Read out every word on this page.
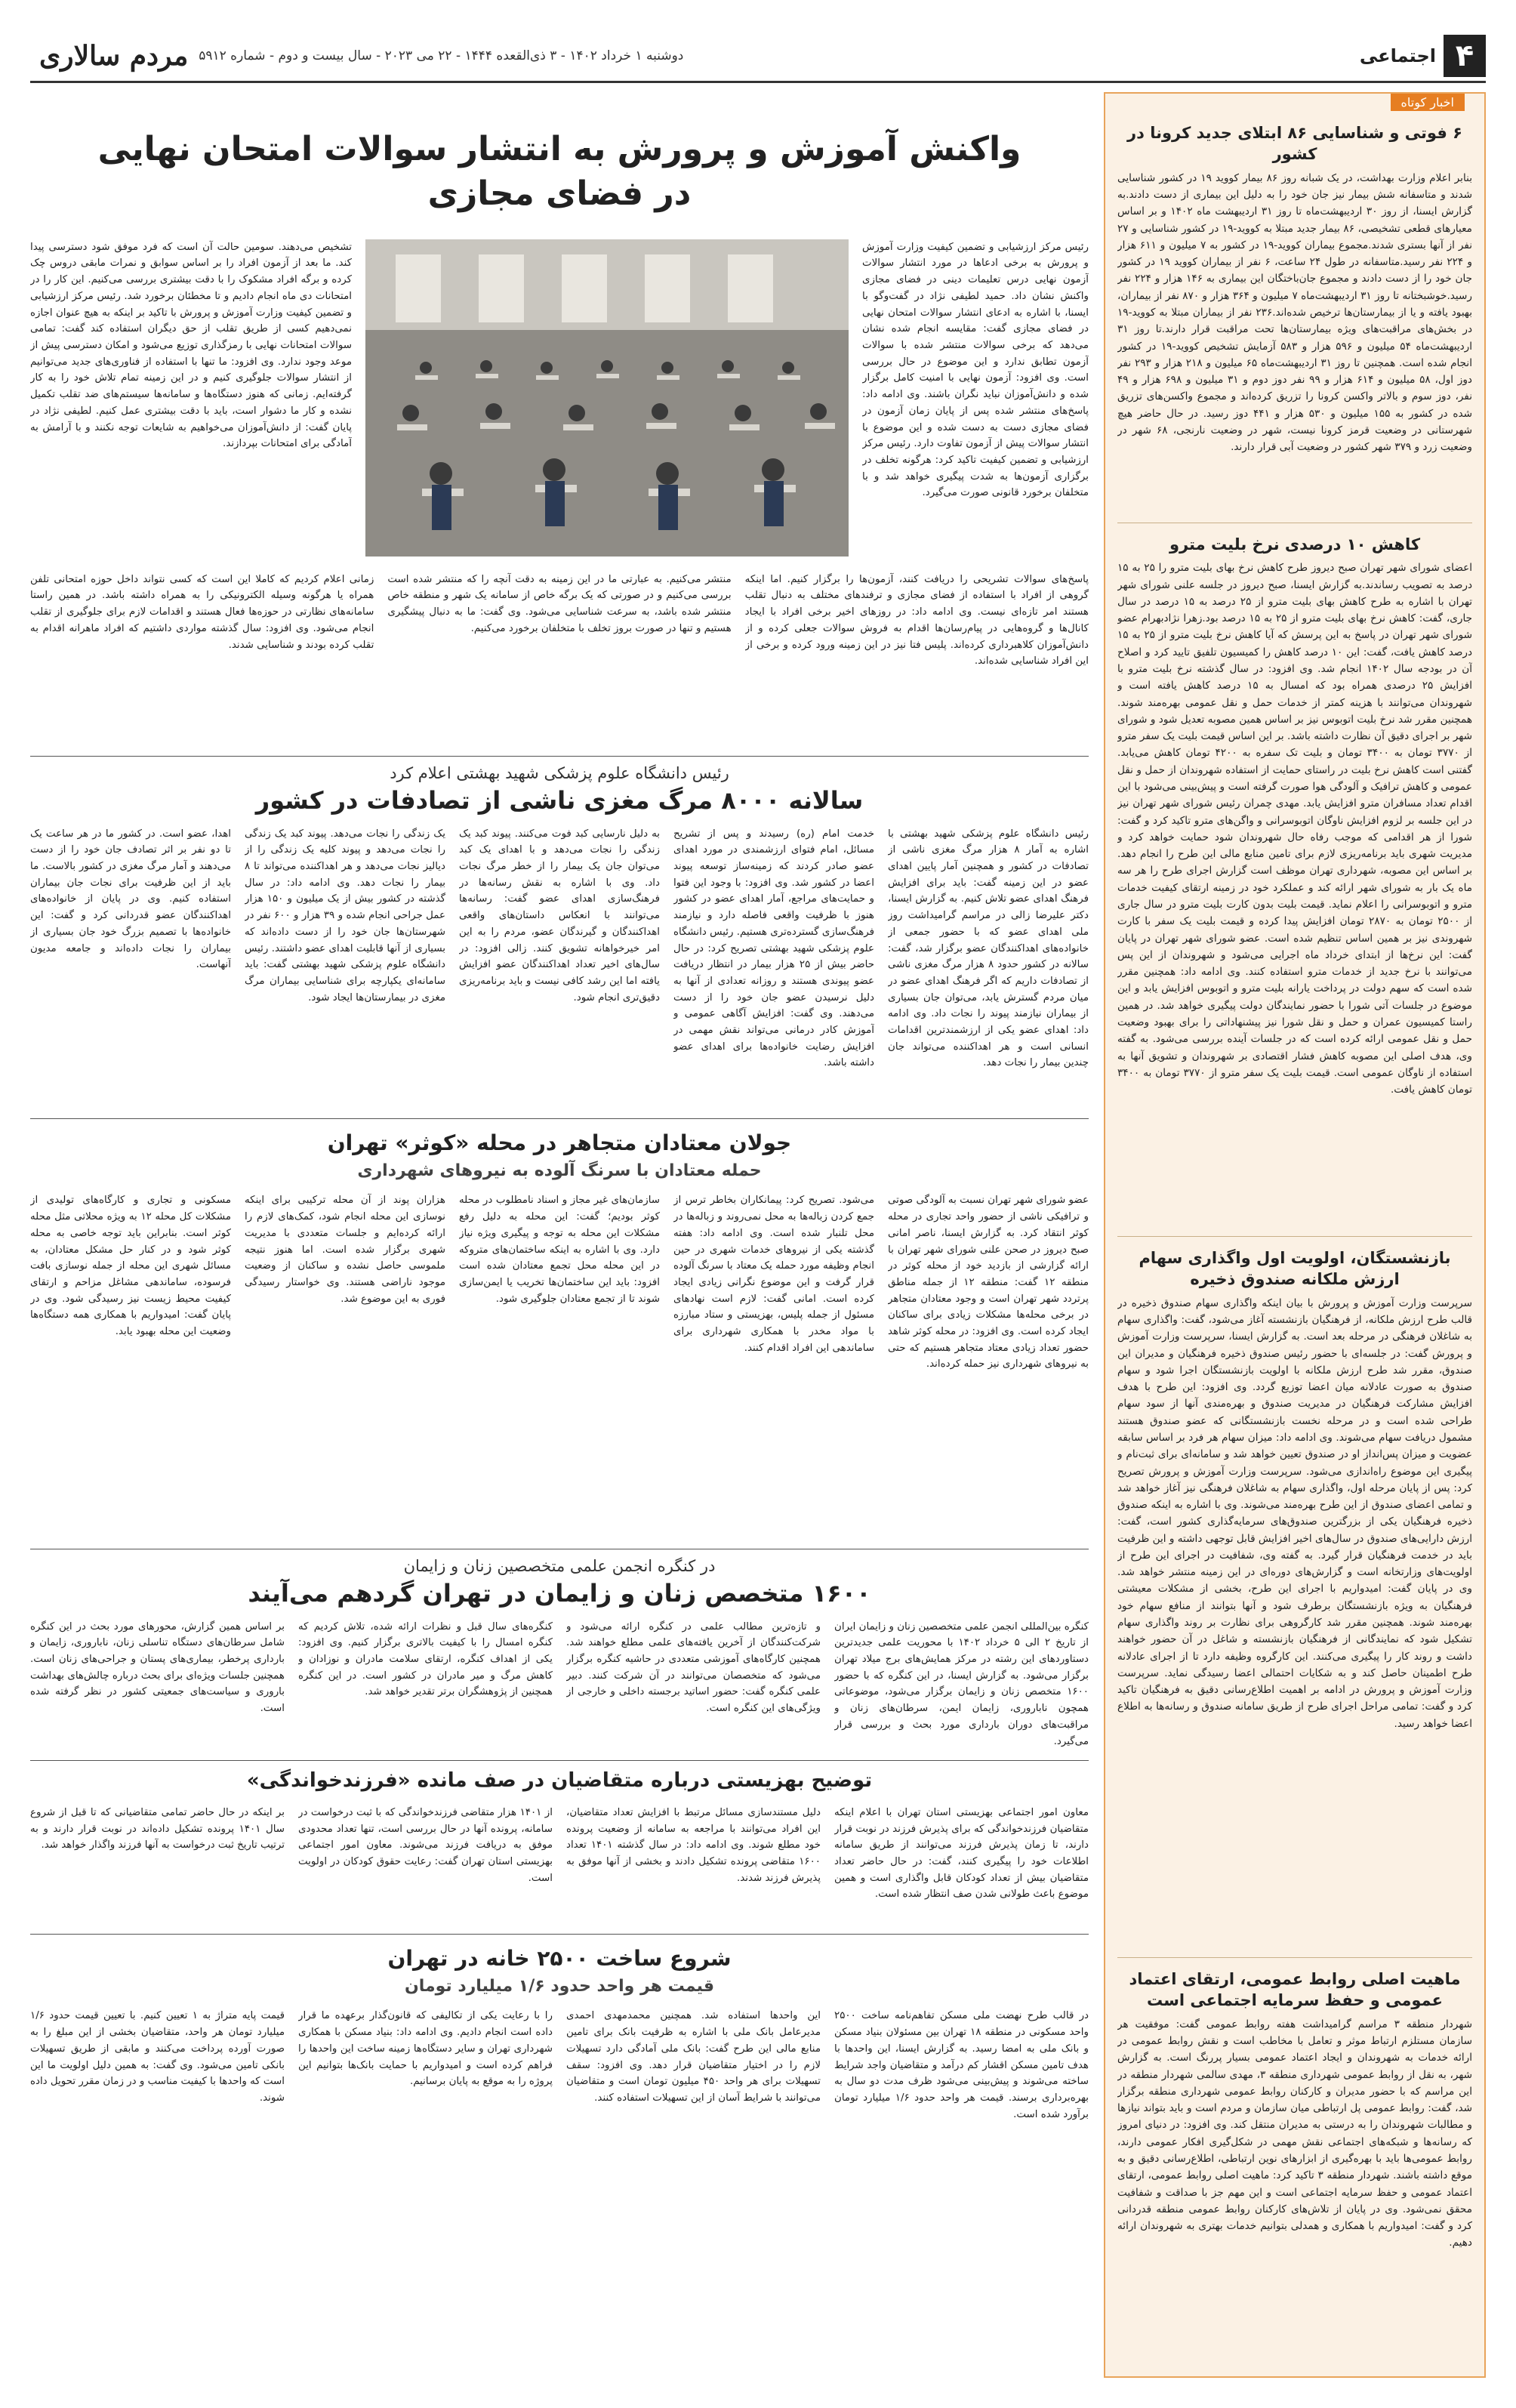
۴
اجتماعی
دوشنبه ۱ خرداد ۱۴۰۲ - ۳ ذی‌القعده ۱۴۴۴ - ۲۲ می ۲۰۲۳ - سال بیست و دوم - شماره ۵۹۱۲
مردم سالاری
اخبار کوتاه
۶ فوتی و شناسایی ۸۶ ابتلای جدید کرونا در کشور

بنابر اعلام وزارت بهداشت، در یک شبانه روز ۸۶ بیمار کووید ۱۹ در کشور شناسایی شدند و متاسفانه شش بیمار نیز جان خود را به دلیل این بیماری از دست دادند.به گزارش ایسنا، از روز ۳۰ اردیبهشت‌ماه تا روز ۳۱ اردیبهشت ماه ۱۴۰۲ و بر اساس معیارهای قطعی تشخیصی، ۸۶ بیمار جدید مبتلا به کووید-۱۹ در کشور شناسایی و ۲۷ نفر از آنها بستری شدند.مجموع بیماران کووید-۱۹ در کشور به ۷ میلیون و ۶۱۱ هزار و ۲۲۴ نفر رسید.متاسفانه در طول ۲۴ ساعت، ۶ نفر از بیماران کووید ۱۹ در کشور جان خود را از دست دادند و مجموع جان‌باختگان این بیماری به ۱۴۶ هزار و ۲۲۴ نفر رسید.خوشبختانه تا روز ۳۱ اردیبهشت‌ماه ۷ میلیون و ۳۶۴ هزار و ۸۷۰ نفر از بیماران، بهبود یافته و یا از بیمارستان‌ها ترخیص شده‌اند.۲۳۶ نفر از بیماران مبتلا به کووید-۱۹ در بخش‌های مراقبت‌های ویژه بیمارستان‌ها تحت مراقبت قرار دارند.تا روز ۳۱ اردیبهشت‌ماه ۵۴ میلیون و ۵۹۶ هزار و ۵۸۳ آزمایش تشخیص کووید-۱۹ در کشور انجام شده است. همچنین تا روز ۳۱ اردیبهشت‌ماه ۶۵ میلیون و ۲۱۸ هزار و ۲۹۳ نفر دوز اول، ۵۸ میلیون و ۶۱۴ هزار و ۹۹ نفر دوز دوم و ۳۱ میلیون و ۶۹۸ هزار و ۴۹ نفر، دوز سوم و بالاتر واکسن کرونا را تزریق کرده‌اند و مجموع واکسن‌های تزریق شده در کشور به ۱۵۵ میلیون و ۵۳۰ هزار و ۴۴۱ دوز رسید. در حال حاضر هیچ شهرستانی در وضعیت قرمز کرونا نیست، شهر در وضعیت نارنجی، ۶۸ شهر در وضعیت زرد و ۳۷۹ شهر کشور در وضعیت آبی قرار دارند.

کاهش ۱۰ درصدی نرخ بلیت مترو

اعضای شورای شهر تهران صبح دیروز طرح کاهش نرخ بهای بلیت مترو را ۲۵ به ۱۵ درصد به تصویب رساندند.به گزارش ایسنا، صبح دیروز در جلسه علنی شورای شهر تهران با اشاره به طرح کاهش بهای بلیت مترو از ۲۵ درصد به ۱۵ درصد در سال جاری، گفت: کاهش نرخ بهای بلیت مترو از ۲۵ به ۱۵ درصد بود.زهرا نژادبهرام عضو شورای شهر تهران در پاسخ به این پرسش که آیا کاهش نرخ بلیت مترو از ۲۵ به ۱۵ درصد کاهش یافت، گفت: این ۱۰ درصد کاهش را کمیسیون تلفیق تایید کرد و اصلاح آن در بودجه سال ۱۴۰۲ انجام شد. وی افزود: در سال گذشته نرخ بلیت مترو با افزایش ۲۵ درصدی همراه بود که امسال به ۱۵ درصد کاهش یافته است و شهروندان می‌توانند با هزینه کمتر از خدمات حمل و نقل عمومی بهره‌مند شوند. همچنین مقرر شد نرخ بلیت اتوبوس نیز بر اساس همین مصوبه تعدیل شود و شورای شهر بر اجرای دقیق آن نظارت داشته باشد. بر این اساس قیمت بلیت یک سفر مترو از ۳۷۷۰ تومان به ۳۴۰۰ تومان و بلیت تک سفره به ۴۲۰۰ تومان کاهش می‌یابد. گفتنی است کاهش نرخ بلیت در راستای حمایت از استفاده شهروندان از حمل و نقل عمومی و کاهش ترافیک و آلودگی هوا صورت گرفته است و پیش‌بینی می‌شود با این اقدام تعداد مسافران مترو افزایش یابد. مهدی چمران رئیس شورای شهر تهران نیز در این جلسه بر لزوم افزایش ناوگان اتوبوسرانی و واگن‌های مترو تاکید کرد و گفت: شورا از هر اقدامی که موجب رفاه حال شهروندان شود حمایت خواهد کرد و مدیریت شهری باید برنامه‌ریزی لازم برای تامین منابع مالی این طرح را انجام دهد. بر اساس این مصوبه، شهرداری تهران موظف است گزارش اجرای طرح را هر سه ماه یک بار به شورای شهر ارائه کند و عملکرد خود در زمینه ارتقای کیفیت خدمات مترو و اتوبوسرانی را اعلام نماید. قیمت بلیت بدون کارت بلیت مترو در سال جاری از ۲۵۰۰ تومان به ۲۸۷۰ تومان افزایش پیدا کرده و قیمت بلیت یک سفر با کارت شهروندی نیز بر همین اساس تنظیم شده است. عضو شورای شهر تهران در پایان گفت: این نرخ‌ها از ابتدای خرداد ماه اجرایی می‌شود و شهروندان از این پس می‌توانند با نرخ جدید از خدمات مترو استفاده کنند. وی ادامه داد: همچنین مقرر شده است که سهم دولت در پرداخت یارانه بلیت مترو و اتوبوس افزایش یابد و این موضوع در جلسات آتی شورا با حضور نمایندگان دولت پیگیری خواهد شد. در همین راستا کمیسیون عمران و حمل و نقل شورا نیز پیشنهاداتی را برای بهبود وضعیت حمل و نقل عمومی ارائه کرده است که در جلسات آینده بررسی می‌شود. به گفته وی، هدف اصلی این مصوبه کاهش فشار اقتصادی بر شهروندان و تشویق آنها به استفاده از ناوگان عمومی است. قیمت بلیت یک سفر مترو از ۳۷۷۰ تومان به ۳۴۰۰ تومان کاهش یافت.

بازنشستگان، اولویت اول واگذاری سهام ارزش ملکانه صندوق ذخیره

سرپرست وزارت آموزش و پرورش با بیان اینکه واگذاری سهام صندوق ذخیره در قالب طرح ارزش ملکانه، از فرهنگیان بازنشسته آغاز می‌شود، گفت: واگذاری سهام به شاغلان فرهنگی در مرحله بعد است. به گزارش ایسنا، سرپرست وزارت آموزش و پرورش گفت: در جلسه‌ای با حضور رئیس صندوق ذخیره فرهنگیان و مدیران این صندوق، مقرر شد طرح ارزش ملکانه با اولویت بازنشستگان اجرا شود و سهام صندوق به صورت عادلانه میان اعضا توزیع گردد. وی افزود: این طرح با هدف افزایش مشارکت فرهنگیان در مدیریت صندوق و بهره‌مندی آنها از سود سهام طراحی شده است و در مرحله نخست بازنشستگانی که عضو صندوق هستند مشمول دریافت سهام می‌شوند. وی ادامه داد: میزان سهام هر فرد بر اساس سابقه عضویت و میزان پس‌انداز او در صندوق تعیین خواهد شد و سامانه‌ای برای ثبت‌نام و پیگیری این موضوع راه‌اندازی می‌شود. سرپرست وزارت آموزش و پرورش تصریح کرد: پس از پایان مرحله اول، واگذاری سهام به شاغلان فرهنگی نیز آغاز خواهد شد و تمامی اعضای صندوق از این طرح بهره‌مند می‌شوند. وی با اشاره به اینکه صندوق ذخیره فرهنگیان یکی از بزرگترین صندوق‌های سرمایه‌گذاری کشور است، گفت: ارزش دارایی‌های صندوق در سال‌های اخیر افزایش قابل توجهی داشته و این ظرفیت باید در خدمت فرهنگیان قرار گیرد. به گفته وی، شفافیت در اجرای این طرح از اولویت‌های وزارتخانه است و گزارش‌های دوره‌ای در این زمینه منتشر خواهد شد. وی در پایان گفت: امیدواریم با اجرای این طرح، بخشی از مشکلات معیشتی فرهنگیان به ویژه بازنشستگان برطرف شود و آنها بتوانند از منافع سهام خود بهره‌مند شوند. همچنین مقرر شد کارگروهی برای نظارت بر روند واگذاری سهام تشکیل شود که نمایندگانی از فرهنگیان بازنشسته و شاغل در آن حضور خواهند داشت و روند کار را پیگیری می‌کنند. این کارگروه وظیفه دارد تا از اجرای عادلانه طرح اطمینان حاصل کند و به شکایات احتمالی اعضا رسیدگی نماید. سرپرست وزارت آموزش و پرورش در ادامه بر اهمیت اطلاع‌رسانی دقیق به فرهنگیان تاکید کرد و گفت: تمامی مراحل اجرای طرح از طریق سامانه صندوق و رسانه‌ها به اطلاع اعضا خواهد رسید.

ماهیت اصلی روابط عمومی، ارتقای اعتماد عمومی و حفظ سرمایه اجتماعی است

شهردار منطقه ۳ مراسم گرامیداشت هفته روابط عمومی گفت: موفقیت هر سازمان مستلزم ارتباط موثر و تعامل با مخاطب است و نقش روابط عمومی در ارائه خدمات به شهروندان و ایجاد اعتماد عمومی بسیار پررنگ است. به گزارش شهر، به نقل از روابط عمومی شهرداری منطقه ۳، مهدی سالمی شهردار منطقه در این مراسم که با حضور مدیران و کارکنان روابط عمومی شهرداری منطقه برگزار شد، گفت: روابط عمومی پل ارتباطی میان سازمان و مردم است و باید بتواند نیازها و مطالبات شهروندان را به درستی به مدیران منتقل کند. وی افزود: در دنیای امروز که رسانه‌ها و شبکه‌های اجتماعی نقش مهمی در شکل‌گیری افکار عمومی دارند، روابط عمومی‌ها باید با بهره‌گیری از ابزارهای نوین ارتباطی، اطلاع‌رسانی دقیق و به موقع داشته باشند. شهردار منطقه ۳ تاکید کرد: ماهیت اصلی روابط عمومی، ارتقای اعتماد عمومی و حفظ سرمایه اجتماعی است و این مهم جز با صداقت و شفافیت محقق نمی‌شود. وی در پایان از تلاش‌های کارکنان روابط عمومی منطقه قدردانی کرد و گفت: امیدواریم با همکاری و همدلی بتوانیم خدمات بهتری به شهروندان ارائه دهیم.

واکنش آموزش و پرورش به انتشار سوالات امتحان نهایی در فضای مجازی
رئیس مرکز ارزشیابی و تضمین کیفیت وزارت آموزش و پرورش به برخی ادعاها در مورد انتشار سوالات آزمون نهایی درس تعلیمات دینی در فضای مجازی واکنش نشان داد. حمید لطیفی نژاد در گفت‌وگو با ایسنا، با اشاره به ادعای انتشار سوالات امتحان نهایی در فضای مجازی گفت: مقایسه انجام شده نشان می‌دهد که برخی سوالات منتشر شده با سوالات آزمون تطابق ندارد و این موضوع در حال بررسی است. وی افزود: آزمون نهایی با امنیت کامل برگزار شده و دانش‌آموزان نباید نگران باشند. وی ادامه داد: پاسخ‌های منتشر شده پس از پایان زمان آزمون در فضای مجازی دست به دست شده و این موضوع با انتشار سوالات پیش از آزمون تفاوت دارد. رئیس مرکز ارزشیابی و تضمین کیفیت تاکید کرد: هرگونه تخلف در برگزاری آزمون‌ها به شدت پیگیری خواهد شد و با متخلفان برخورد قانونی صورت می‌گیرد.
تشخیص می‌دهند. سومین حالت آن است که فرد موفق شود دسترسی پیدا کند. ما بعد از آزمون افراد را بر اساس سوابق و نمرات مابقی دروس چک کرده و برگه افراد مشکوک را با دقت بیشتری بررسی می‌کنیم. این کار را در امتحانات دی ماه انجام دادیم و تا مخطئان برخورد شد. رئیس مرکز ارزشیابی و تضمین کیفیت وزارت آموزش و پرورش با تاکید بر اینکه به هیچ عنوان اجازه نمی‌دهیم کسی از طریق تقلب از حق دیگران استفاده کند گفت: تمامی سوالات امتحانات نهایی با رمزگذاری توزیع می‌شود و امکان دسترسی پیش از موعد وجود ندارد. وی افزود: ما تنها با استفاده از فناوری‌های جدید می‌توانیم از انتشار سوالات جلوگیری کنیم و در این زمینه تمام تلاش خود را به کار گرفته‌ایم. زمانی که هنوز دستگاه‌ها و سامانه‌ها سیستم‌های ضد تقلب تکمیل نشده و کار ما دشوار است، باید با دقت بیشتری عمل کنیم. لطیفی نژاد در پایان گفت: از دانش‌آموزان می‌خواهیم به شایعات توجه نکنند و با آرامش به آمادگی برای امتحانات بپردازند.
پاسخ‌های سوالات تشریحی را دریافت کنند، آزمون‌ها را برگزار کنیم. اما اینکه گروهی از افراد با استفاده از فضای مجازی و ترفندهای مختلف به دنبال تقلب هستند امر تازه‌ای نیست. وی ادامه داد: در روزهای اخیر برخی افراد با ایجاد کانال‌ها و گروه‌هایی در پیام‌رسان‌ها اقدام به فروش سوالات جعلی کرده و از دانش‌آموزان کلاهبرداری کرده‌اند. پلیس فتا نیز در این زمینه ورود کرده و برخی از این افراد شناسایی شده‌اند.
منتشر می‌کنیم. به عبارتی ما در این زمینه به دقت آنچه را که منتشر شده است بررسی می‌کنیم و در صورتی که یک برگه خاص از سامانه یک شهر و منطقه خاص منتشر شده باشد، به سرعت شناسایی می‌شود. وی گفت: ما به دنبال پیشگیری هستیم و تنها در صورت بروز تخلف با متخلفان برخورد می‌کنیم.
زمانی اعلام کردیم که کاملا این است که کسی نتواند داخل حوزه امتحانی تلفن همراه یا هرگونه وسیله الکترونیکی را به همراه داشته باشد. در همین راستا سامانه‌های نظارتی در حوزه‌ها فعال هستند و اقدامات لازم برای جلوگیری از تقلب انجام می‌شود. وی افزود: سال گذشته مواردی داشتیم که افراد ماهرانه اقدام به تقلب کرده بودند و شناسایی شدند.
رئیس دانشگاه علوم پزشکی شهید بهشتی اعلام کرد
سالانه ۸۰۰۰ مرگ مغزی ناشی از تصادفات در کشور
رئیس دانشگاه علوم پزشکی شهید بهشتی با اشاره به آمار ۸ هزار مرگ مغزی ناشی از تصادفات در کشور و همچنین آمار پایین اهدای عضو در این زمینه گفت: باید برای افزایش فرهنگ اهدای عضو تلاش کنیم. به گزارش ایسنا، دکتر علیرضا زالی در مراسم گرامیداشت روز ملی اهدای عضو که با حضور جمعی از خانواده‌های اهداکنندگان عضو برگزار شد، گفت: سالانه در کشور حدود ۸ هزار مرگ مغزی ناشی از تصادفات داریم که اگر فرهنگ اهدای عضو در میان مردم گسترش یابد، می‌توان جان بسیاری از بیماران نیازمند پیوند را نجات داد. وی ادامه داد: اهدای عضو یکی از ارزشمندترین اقدامات انسانی است و هر اهداکننده می‌تواند جان چندین بیمار را نجات دهد.
خدمت امام (ره) رسیدند و پس از تشریح مسائل، امام فتوای ارزشمندی در مورد اهدای عضو صادر کردند که زمینه‌ساز توسعه پیوند اعضا در کشور شد. وی افزود: با وجود این فتوا و حمایت‌های مراجع، آمار اهدای عضو در کشور هنوز با ظرفیت واقعی فاصله دارد و نیازمند فرهنگ‌سازی گسترده‌تری هستیم. رئیس دانشگاه علوم پزشکی شهید بهشتی تصریح کرد: در حال حاضر بیش از ۲۵ هزار بیمار در انتظار دریافت عضو پیوندی هستند و روزانه تعدادی از آنها به دلیل نرسیدن عضو جان خود را از دست می‌دهند. وی گفت: افزایش آگاهی عمومی و آموزش کادر درمانی می‌تواند نقش مهمی در افزایش رضایت خانواده‌ها برای اهدای عضو داشته باشد.
به دلیل نارسایی کبد فوت می‌کنند. پیوند کبد یک زندگی را نجات می‌دهد و با اهدای یک کبد می‌توان جان یک بیمار را از خطر مرگ نجات داد. وی با اشاره به نقش رسانه‌ها در فرهنگ‌سازی اهدای عضو گفت: رسانه‌ها می‌توانند با انعکاس داستان‌های واقعی اهداکنندگان و گیرندگان عضو، مردم را به این امر خیرخواهانه تشویق کنند. زالی افزود: در سال‌های اخیر تعداد اهداکنندگان عضو افزایش یافته اما این رشد کافی نیست و باید برنامه‌ریزی دقیق‌تری انجام شود.
یک زندگی را نجات می‌دهد. پیوند کبد یک زندگی را نجات می‌دهد و پیوند کلیه یک زندگی را از دیالیز نجات می‌دهد و هر اهداکننده می‌تواند تا ۸ بیمار را نجات دهد. وی ادامه داد: در سال گذشته در کشور بیش از یک میلیون و ۱۵۰ هزار عمل جراحی انجام شده و ۳۹ هزار و ۶۰۰ نفر در شهرستان‌ها جان خود را از دست داده‌اند که بسیاری از آنها قابلیت اهدای عضو داشتند. رئیس دانشگاه علوم پزشکی شهید بهشتی گفت: باید سامانه‌ای یکپارچه برای شناسایی بیماران مرگ مغزی در بیمارستان‌ها ایجاد شود.
اهدا، عضو است. در کشور ما در هر ساعت یک تا دو نفر بر اثر تصادف جان خود را از دست می‌دهند و آمار مرگ مغزی در کشور بالاست. ما باید از این ظرفیت برای نجات جان بیماران استفاده کنیم. وی در پایان از خانواده‌های اهداکنندگان عضو قدردانی کرد و گفت: این خانواده‌ها با تصمیم بزرگ خود جان بسیاری از بیماران را نجات داده‌اند و جامعه مدیون آنهاست.
جولان معتادان متجاهر در محله «کوثر» تهران
حمله معتادان با سرنگ آلوده به نیروهای شهرداری
عضو شورای شهر تهران نسبت به آلودگی صوتی و ترافیکی ناشی از حضور واحد تجاری در محله کوثر انتقاد کرد. به گزارش ایسنا، ناصر امانی صبح دیروز در صحن علنی شورای شهر تهران با ارائه گزارشی از بازدید خود از محله کوثر در منطقه ۱۲ گفت: منطقه ۱۲ از جمله مناطق پرتردد شهر تهران است و وجود معتادان متجاهر در برخی محله‌ها مشکلات زیادی برای ساکنان ایجاد کرده است. وی افزود: در محله کوثر شاهد حضور تعداد زیادی معتاد متجاهر هستیم که حتی به نیروهای شهرداری نیز حمله کرده‌اند.
می‌شود. تصریح کرد: پیمانکاران بخاطر ترس از جمع کردن زباله‌ها به محل نمی‌روند و زباله‌ها در محل تلنبار شده است. وی ادامه داد: هفته گذشته یکی از نیروهای خدمات شهری در حین انجام وظیفه مورد حمله یک معتاد با سرنگ آلوده قرار گرفت و این موضوع نگرانی زیادی ایجاد کرده است. امانی گفت: لازم است نهادهای مسئول از جمله پلیس، بهزیستی و ستاد مبارزه با مواد مخدر با همکاری شهرداری برای ساماندهی این افراد اقدام کنند.
سازمان‌های غیر مجاز و اسناد نامطلوب در محله کوثر بودیم؛ گفت: این محله به دلیل رفع مشکلات این محله به توجه و پیگیری ویژه نیاز دارد. وی با اشاره به اینکه ساختمان‌های متروکه در این محله محل تجمع معتادان شده است افزود: باید این ساختمان‌ها تخریب یا ایمن‌سازی شوند تا از تجمع معتادان جلوگیری شود.
هزاران پوند از آن محله ترکیبی برای اینکه نوسازی این محله انجام شود، کمک‌های لازم را ارائه کرده‌ایم و جلسات متعددی با مدیریت شهری برگزار شده است. اما هنوز نتیجه ملموسی حاصل نشده و ساکنان از وضعیت موجود ناراضی هستند. وی خواستار رسیدگی فوری به این موضوع شد.
مسکونی و تجاری و کارگاه‌های تولیدی از مشکلات کل محله ۱۲ به ویژه محلاتی مثل محله کوثر است. بنابراین باید توجه خاصی به محله کوثر شود و در کنار حل مشکل معتادان، به مسائل شهری این محله از جمله نوسازی بافت فرسوده، ساماندهی مشاغل مزاحم و ارتقای کیفیت محیط زیست نیز رسیدگی شود. وی در پایان گفت: امیدواریم با همکاری همه دستگاه‌ها وضعیت این محله بهبود یابد.
در کنگره انجمن علمی متخصصین زنان و زایمان
۱۶۰۰ متخصص زنان و زایمان در تهران گردهم می‌آیند
کنگره بین‌المللی انجمن علمی متخصصین زنان و زایمان ایران از تاریخ ۲ الی ۵ خرداد ۱۴۰۲ با محوریت علمی جدیدترین دستاوردهای این رشته در مرکز همایش‌های برج میلاد تهران برگزار می‌شود. به گزارش ایسنا، در این کنگره که با حضور ۱۶۰۰ متخصص زنان و زایمان برگزار می‌شود، موضوعاتی همچون ناباروری، زایمان ایمن، سرطان‌های زنان و مراقبت‌های دوران بارداری مورد بحث و بررسی قرار می‌گیرد.
و تازه‌ترین مطالب علمی در کنگره ارائه می‌شود و شرکت‌کنندگان از آخرین یافته‌های علمی مطلع خواهند شد. همچنین کارگاه‌های آموزشی متعددی در حاشیه کنگره برگزار می‌شود که متخصصان می‌توانند در آن شرکت کنند. دبیر علمی کنگره گفت: حضور اساتید برجسته داخلی و خارجی از ویژگی‌های این کنگره است.
کنگره‌های سال قبل و نظرات ارائه شده، تلاش کردیم که کنگره امسال را با کیفیت بالاتری برگزار کنیم. وی افزود: یکی از اهداف کنگره، ارتقای سلامت مادران و نوزادان و کاهش مرگ و میر مادران در کشور است. در این کنگره همچنین از پژوهشگران برتر تقدیر خواهد شد.
بر اساس همین گزارش، محورهای مورد بحث در این کنگره شامل سرطان‌های دستگاه تناسلی زنان، ناباروری، زایمان و بارداری پرخطر، بیماری‌های پستان و جراحی‌های زنان است. همچنین جلسات ویژه‌ای برای بحث درباره چالش‌های بهداشت باروری و سیاست‌های جمعیتی کشور در نظر گرفته شده است.
توضیح بهزیستی درباره متقاضیان در صف مانده «فرزندخواندگی»
معاون امور اجتماعی بهزیستی استان تهران با اعلام اینکه متقاضیان فرزندخواندگی که برای پذیرش فرزند در نوبت قرار دارند، تا زمان پذیرش فرزند می‌توانند از طریق سامانه اطلاعات خود را پیگیری کنند، گفت: در حال حاضر تعداد متقاضیان بیش از تعداد کودکان قابل واگذاری است و همین موضوع باعث طولانی شدن صف انتظار شده است.
دلیل مستندسازی مسائل مرتبط با افزایش تعداد متقاضیان، این افراد می‌توانند با مراجعه به سامانه از وضعیت پرونده خود مطلع شوند. وی ادامه داد: در سال گذشته ۱۴۰۱ تعداد ۱۶۰۰ متقاضی پرونده تشکیل دادند و بخشی از آنها موفق به پذیرش فرزند شدند.
از ۱۴۰۱ هزار متقاضی فرزندخواندگی که با ثبت درخواست در سامانه، پرونده آنها در حال بررسی است، تنها تعداد محدودی موفق به دریافت فرزند می‌شوند. معاون امور اجتماعی بهزیستی استان تهران گفت: رعایت حقوق کودکان در اولویت است.
بر اینکه در حال حاضر تمامی متقاضیانی که تا قبل از شروع سال ۱۴۰۱ پرونده تشکیل داده‌اند در نوبت قرار دارند و به ترتیب تاریخ ثبت درخواست به آنها فرزند واگذار خواهد شد.
شروع ساخت ۲۵۰۰ خانه در تهران
قیمت هر واحد حدود ۱/۶ میلیارد تومان
در قالب طرح نهضت ملی مسکن تفاهم‌نامه ساخت ۲۵۰۰ واحد مسکونی در منطقه ۱۸ تهران بین مسئولان بنیاد مسکن و بانک ملی به امضا رسید. به گزارش ایسنا، این واحدها با هدف تامین مسکن اقشار کم درآمد و متقاضیان واجد شرایط ساخته می‌شوند و پیش‌بینی می‌شود ظرف مدت دو سال به بهره‌برداری برسند. قیمت هر واحد حدود ۱/۶ میلیارد تومان برآورد شده است.
این واحدها استفاده شد. همچنین محمدمهدی احمدی مدیرعامل بانک ملی با اشاره به ظرفیت بانک برای تامین منابع مالی این طرح گفت: بانک ملی آمادگی دارد تسهیلات لازم را در اختیار متقاضیان قرار دهد. وی افزود: سقف تسهیلات برای هر واحد ۴۵۰ میلیون تومان است و متقاضیان می‌توانند با شرایط آسان از این تسهیلات استفاده کنند.
را با رعایت یکی از تکالیفی که قانون‌گذار برعهده ما قرار داده است انجام دادیم. وی ادامه داد: بنیاد مسکن با همکاری شهرداری تهران و سایر دستگاه‌ها زمینه ساخت این واحدها را فراهم کرده است و امیدواریم با حمایت بانک‌ها بتوانیم این پروژه را به موقع به پایان برسانیم.
قیمت پایه متراژ به ۱ تعیین کنیم. با تعیین قیمت حدود ۱/۶ میلیارد تومان هر واحد، متقاضیان بخشی از این مبلغ را به صورت آورده پرداخت می‌کنند و مابقی از طریق تسهیلات بانکی تامین می‌شود. وی گفت: به همین دلیل اولویت ما این است که واحدها با کیفیت مناسب و در زمان مقرر تحویل داده شوند.
